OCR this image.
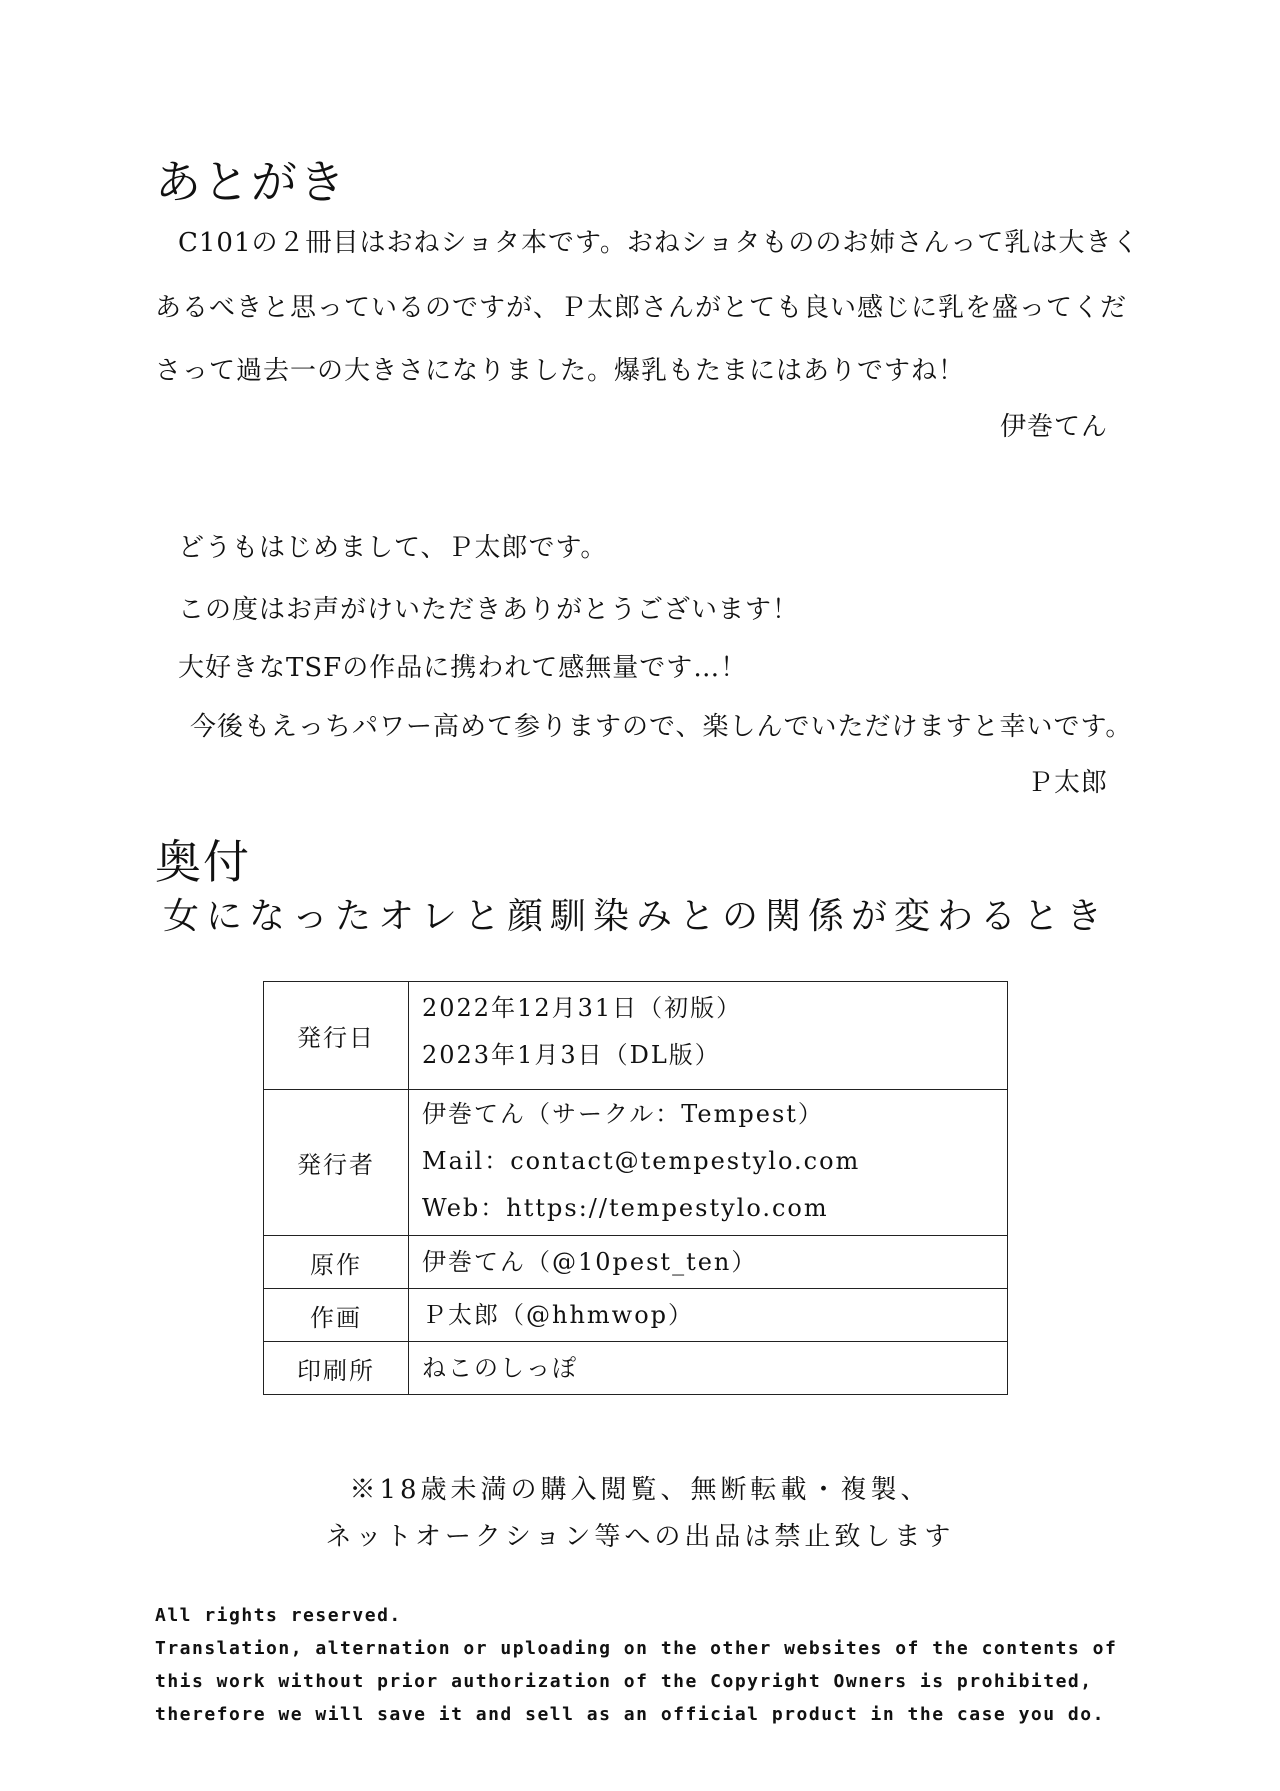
あとがき
C101の２冊目はおねショタ本です。おねショタもののお姉さんって乳は大きく
あるべきと思っているのですが、Ｐ太郎さんがとても良い感じに乳を盛ってくだ
さって過去一の大きさになりました。爆乳もたまにはありですね！
伊巻てん
どうもはじめまして、Ｐ太郎です。
この度はお声がけいただきありがとうございます！
大好きなTSFの作品に携われて感無量です…！
今後もえっちパワー高めて参りますので、楽しんでいただけますと幸いです。
Ｐ太郎
奥付
女になったオレと顔馴染みとの関係が変わるとき
発行日	2022年12月31日（初版）
2023年1月3日（DL版）

発行者	伊巻てん（サークル：Tempest）
Mail：contact@tempestylo.com
Web：https://tempestylo.com

原作	伊巻てん（@10pest_ten）

作画	Ｐ太郎（@hhmwop）

印刷所	ねこのしっぽ
※18歳未満の購入閲覧、無断転載・複製、
ネットオークション等への出品は禁止致します
All rights reserved.
Translation, alternation or uploading on the other websites of the contents of
this work without prior authorization of the Copyright Owners is prohibited,
therefore we will save it and sell as an official product in the case you do.
